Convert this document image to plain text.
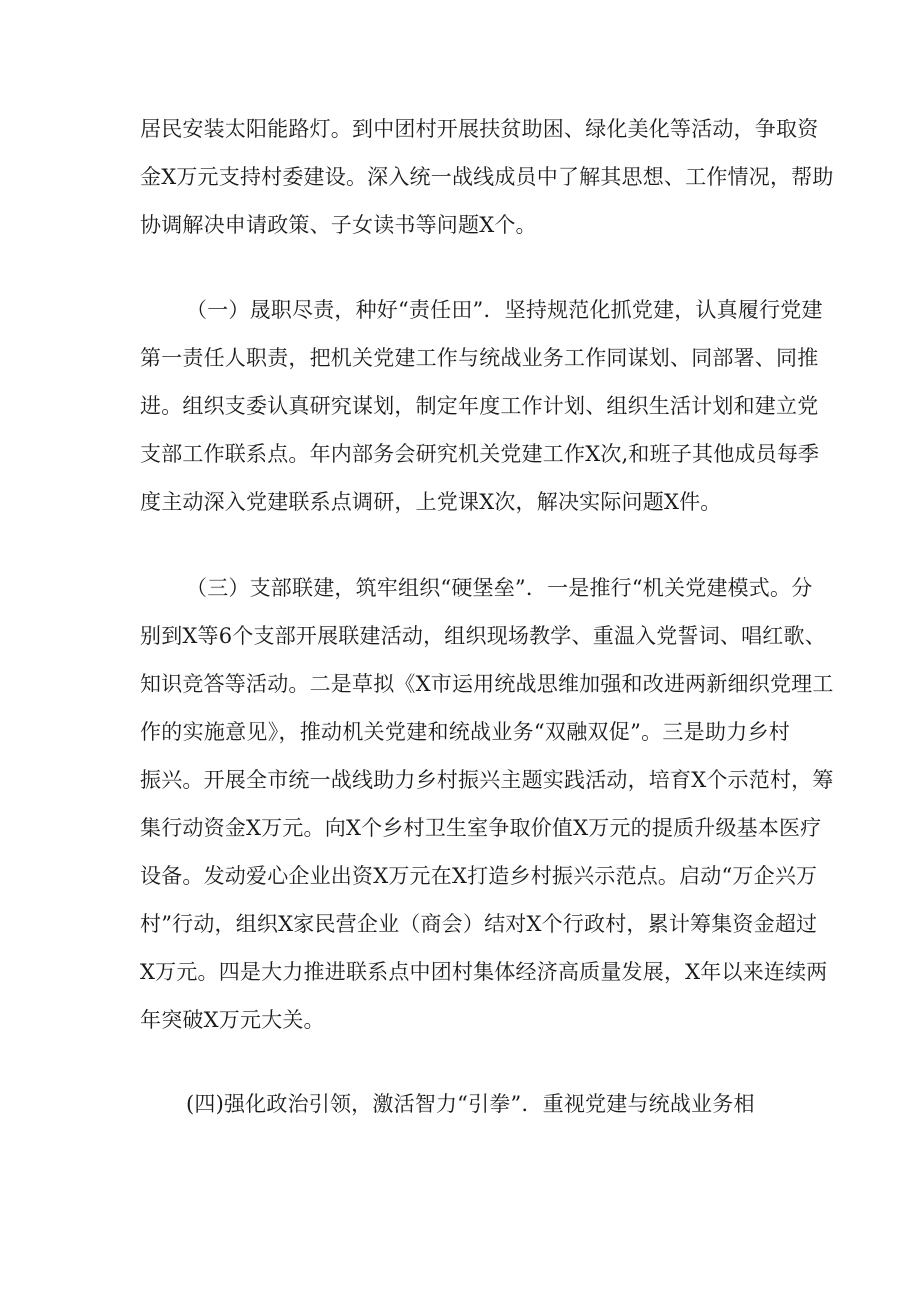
居民安装太阳能路灯。到中团村开展扶贫助困、绿化美化等活动，争取资
金X万元支持村委建设。深入统一战线成员中了解其思想、工作情况，帮助
协调解决申请政策、子女读书等问题X个。
（一）晟职尽责，种好“责任田”．坚持规范化抓党建，认真履行党建
第一责任人职责，把机关党建工作与统战业务工作同谋划、同部署、同推
进。组织支委认真研究谋划，制定年度工作计划、组织生活计划和建立党
支部工作联系点。年内部务会研究机关党建工作X次,和班子其他成员每季
度主动深入党建联系点调研，上党课X次，解决实际问题X件。
（三）支部联建，筑牢组织“硬堡垒”．一是推行“机关党建模式。分
别到X等6个支部开展联建活动，组织现场教学、重温入党誓词、唱红歌、
知识竞答等活动。二是草拟《X市运用统战思维加强和改进两新细织党理工
作的实施意见》，推动机关党建和统战业务“双融双促”。三是助力乡村
振兴。开展全市统一战线助力乡村振兴主题实践活动，培育X个示范村，筹
集行动资金X万元。向X个乡村卫生室争取价值X万元的提质升级基本医疗
设备。发动爱心企业出资X万元在X打造乡村振兴示范点。启动“万企兴万
村”行动，组织X家民营企业（商会）结对X个行政村，累计筹集资金超过
X万元。四是大力推进联系点中团村集体经济高质量发展，X年以来连续两
年突破X万元大关。
(四)强化政治引领，激活智力“引拳”．重视党建与统战业务相
